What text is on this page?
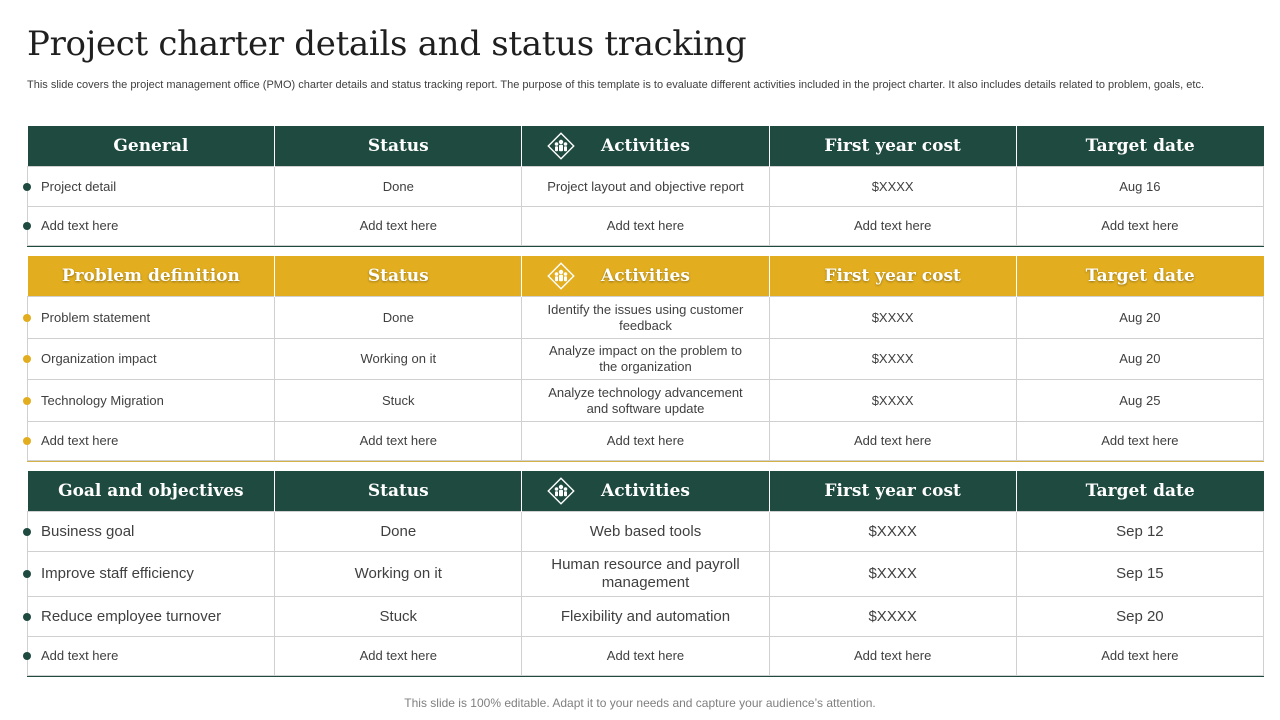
Project charter details and status tracking

This slide covers the project management office (PMO) charter details and status tracking report. The purpose of this template is to evaluate different activities included in the project charter. It also includes details related to problem, goals, etc.

General	Status	Activities	First year cost	Target date

Project detail	Done	Project layout and objective report	$XXXX	Aug 16

Add text here	Add text here	Add text here	Add text here	Add text here
Problem definition	Status	Activities	First year cost	Target date

Problem statement	Done	Identify the issues using customer feedback	$XXXX	Aug 20

Organization impact	Working on it	Analyze impact on the problem to the organization	$XXXX	Aug 20

Technology Migration	Stuck	Analyze technology advancement and software update	$XXXX	Aug 25

Add text here	Add text here	Add text here	Add text here	Add text here
Goal and objectives	Status	Activities	First year cost	Target date

Business goal	Done	Web based tools	$XXXX	Sep 12

Improve staff efficiency	Working on it	Human resource and payroll management	$XXXX	Sep 15

Reduce employee turnover	Stuck	Flexibility and automation	$XXXX	Sep 20

Add text here	Add text here	Add text here	Add text here	Add text here
This slide is 100% editable. Adapt it to your needs and capture your audience’s attention.
